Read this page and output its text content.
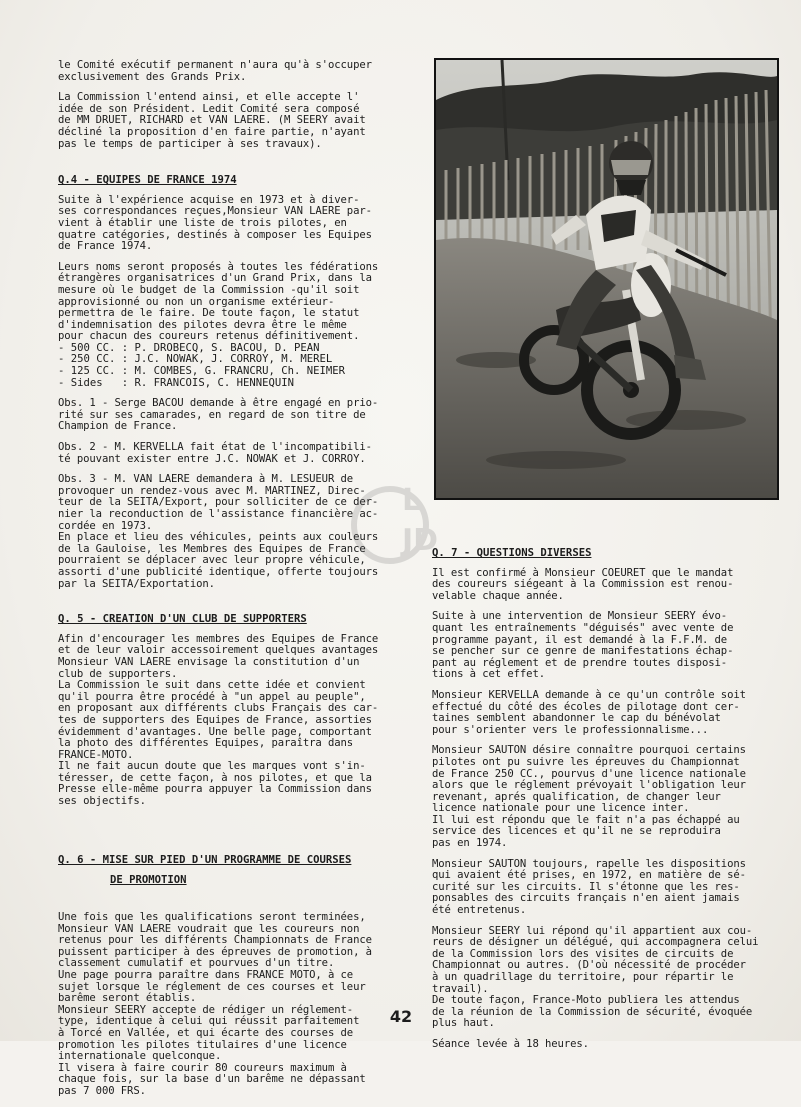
le Comité exécutif permanent n'aura qu'à s'occuper
exclusivement des Grands Prix.

La Commission l'entend ainsi, et elle accepte l'
idée de son Président. Ledit Comité sera composé
de MM DRUET, RICHARD et VAN LAERE. (M SEERY avait
décliné la proposition d'en faire partie, n'ayant
pas le temps de participer à ses travaux).

Q.4 - EQUIPES DE FRANCE 1974

Suite à l'expérience acquise en 1973 et à diver-
ses correspondances reçues,Monsieur VAN LAERE par-
vient à établir une liste de trois pilotes, en
quatre catégories, destinés à composer les Equipes
de France 1974.

Leurs noms seront proposés à toutes les fédérations
étrangères organisatrices d'un Grand Prix, dans la
mesure où le budget de la Commission -qu'il soit
approvisionné ou non un organisme extérieur-
permettra de le faire. De toute façon, le statut
d'indemnisation des pilotes devra être le même
pour chacun des coureurs retenus définitivement.

- 500 CC. : P. DROBECQ, S. BACOU, D. PEAN
- 250 CC. : J.C. NOWAK, J. CORROY, M. MEREL
- 125 CC. : M. COMBES, G. FRANCRU, Ch. NEIMER
- Sides   : R. FRANCOIS, C. HENNEQUIN

Obs. 1 - Serge BACOU demande à être engagé en prio-
rité sur ses camarades, en regard de son titre de
Champion de France.

Obs. 2 - M. KERVELLA fait état de l'incompatibili-
té pouvant exister entre J.C. NOWAK et J. CORROY.

Obs. 3 - M. VAN LAERE demandera à M. LESUEUR de
provoquer un rendez-vous avec M. MARTINEZ, Direc-
teur de la SEITA/Export, pour solliciter de ce der-
nier la reconduction de l'assistance financière ac-
cordée en 1973.

En place et lieu des véhicules, peints aux couleurs
de la Gauloise, les Membres des Equipes de France
pourraient se déplacer avec leur propre véhicule,
assorti d'une publicité identique, offerte toujours
par la SEITA/Exportation.

Q. 5 - CREATION D'UN CLUB DE SUPPORTERS

Afin d'encourager les membres des Equipes de France
et de leur valoir accessoirement quelques avantages
Monsieur VAN LAERE envisage la constitution d'un
club de supporters.
La Commission le suit dans cette idée et convient
qu'il pourra être procédé à "un appel au peuple",
en proposant aux différents clubs Français des car-
tes de supporters des Equipes de France, assorties
évidemment d'avantages. Une belle page, comportant
la photo des différentes Equipes, paraîtra dans
FRANCE-MOTO.
Il ne fait aucun doute que les marques vont s'in-
téresser, de cette façon, à nos pilotes, et que la
Presse elle-même pourra appuyer la Commission dans
ses objectifs.

Q. 6 - MISE SUR PIED D'UN PROGRAMME DE COURSES

DE PROMOTION

Une fois que les qualifications seront terminées,
Monsieur VAN LAERE voudrait que les coureurs non
retenus pour les différents Championnats de France
puissent participer à des épreuves de promotion, à
classement cumulatif et pourvues d'un titre.
Une page pourra paraître dans FRANCE MOTO, à ce
sujet lorsque le réglement de ces courses et leur
barême seront établis.
Monsieur SEERY accepte de rédiger un réglement-
type, identique à celui qui réussit parfaitement
à Torcé en Vallée, et qui écarte des courses de
promotion les pilotes titulaires d'une licence
internationale quelconque.
Il visera à faire courir 80 coureurs maximum à
chaque fois, sur la base d'un barême ne dépassant
pas 7 000 FRS.

L
JD
Q. 7 - QUESTIONS DIVERSES

Il est confirmé à Monsieur COEURET que le mandat
des coureurs siégeant à la Commission est renou-
velable chaque année.

Suite à une intervention de Monsieur SEERY évo-
quant les entraînements "déguisés" avec vente de
programme payant, il est demandé à la F.F.M. de
se pencher sur ce genre de manifestations échap-
pant au réglement et de prendre toutes disposi-
tions à cet effet.

Monsieur KERVELLA demande à ce qu'un contrôle soit
effectué du côté des écoles de pilotage dont cer-
taines semblent abandonner le cap du bénévolat
pour s'orienter vers le professionnalisme...

Monsieur SAUTON désire connaître pourquoi certains
pilotes ont pu suivre les épreuves du Championnat
de France 250 CC., pourvus d'une licence nationale
alors que le réglement prévoyait l'obligation leur
revenant, aprés qualification, de changer leur
licence nationale pour une licence inter.
Il lui est répondu que le fait n'a pas échappé au
service des licences et qu'il ne se reproduira
pas en 1974.

Monsieur SAUTON toujours, rapelle les dispositions
qui avaient été prises, en 1972, en matière de sé-
curité sur les circuits. Il s'étonne que les res-
ponsables des circuits français n'en aient jamais
été entretenus.

Monsieur SEERY lui répond qu'il appartient aux cou-
reurs de désigner un délégué, qui accompagnera celui
de la Commission lors des visites de circuits de
Championnat ou autres. (D'où nécessité de procéder
à un quadrillage du territoire, pour répartir le
travail).
De toute façon, France-Moto publiera les attendus
de la réunion de la Commission de sécurité, évoquée
plus haut.

Séance levée à 18 heures.

42
